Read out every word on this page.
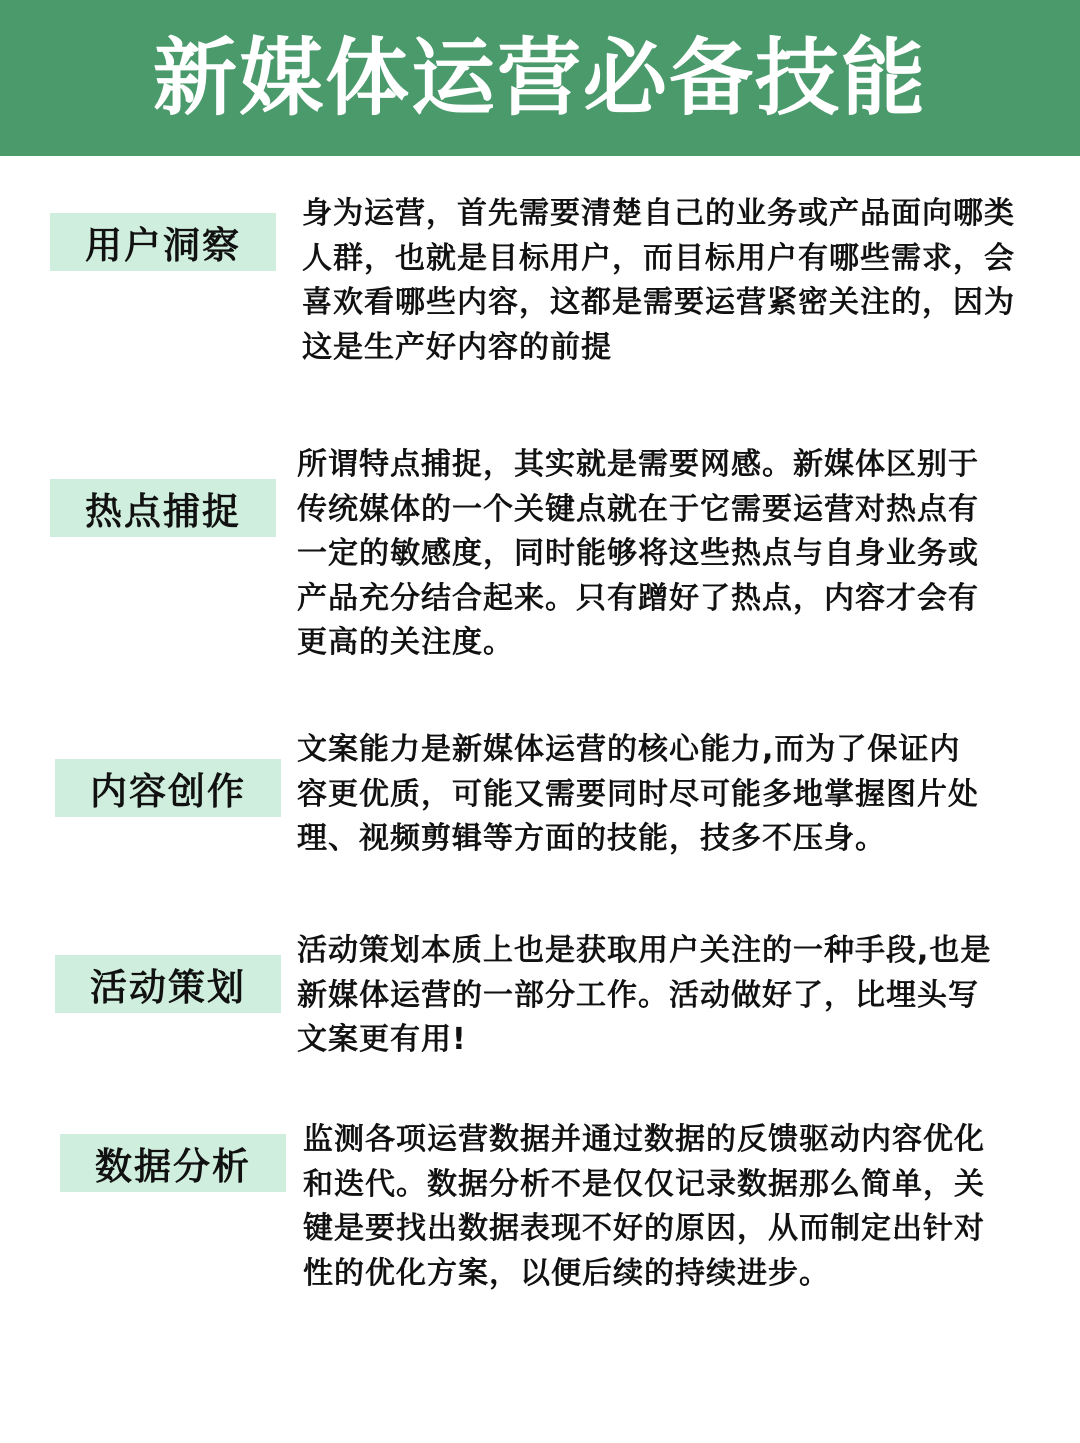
新媒体运营必备技能
用户洞察
身为运营，首先需要清楚自己的业务或产品面向哪类人群，也就是目标用户，而目标用户有哪些需求，会喜欢看哪些内容，这都是需要运营紧密关注的，因为这是生产好内容的前提
热点捕捉
所谓特点捕捉，其实就是需要网感。新媒体区别于传统媒体的一个关键点就在于它需要运营对热点有一定的敏感度，同时能够将这些热点与自身业务或产品充分结合起来。只有蹭好了热点，内容才会有更高的关注度。
内容创作
文案能力是新媒体运营的核心能力,而为了保证内容更优质，可能又需要同时尽可能多地掌握图片处理、视频剪辑等方面的技能，技多不压身。
活动策划
活动策划本质上也是获取用户关注的一种手段,也是新媒体运营的一部分工作。活动做好了，比埋头写文案更有用!
数据分析
监测各项运营数据并通过数据的反馈驱动内容优化和迭代。数据分析不是仅仅记录数据那么简单，关键是要找出数据表现不好的原因，从而制定出针对性的优化方案，以便后续的持续进步。
